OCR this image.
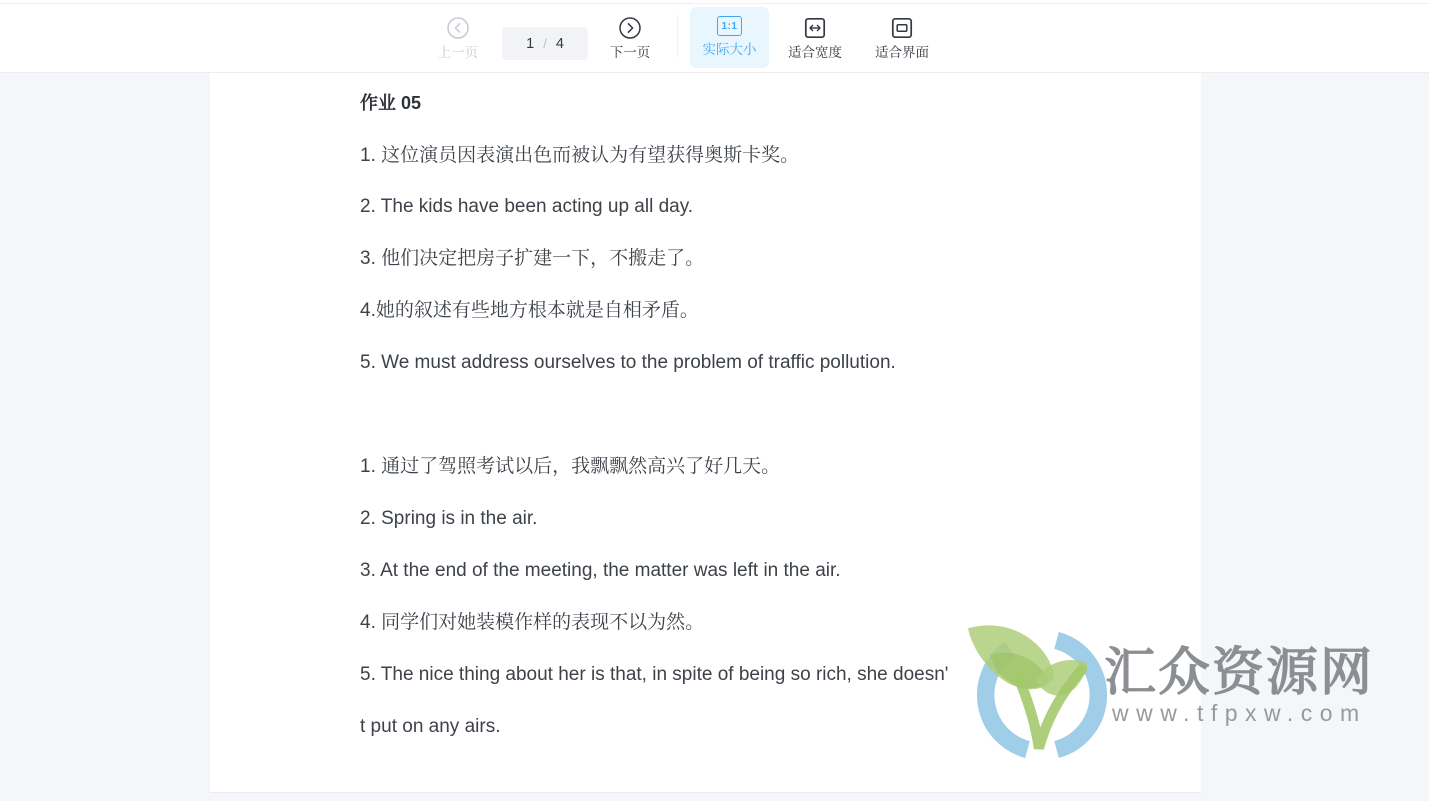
上一页
1 / 4
下一页
1:1
实际大小 适合宽度 适合界面
作业 05

1. 这位演员因表演出色而被认为有望获得奥斯卡奖。

2. The kids have been acting up all day.

3. 他们决定把房子扩建一下，不搬走了。

4.她的叙述有些地方根本就是自相矛盾。

5. We must address ourselves to the problem of traffic pollution.

1. 通过了驾照考试以后，我飘飘然高兴了好几天。

2. Spring is in the air.

3. At the end of the meeting, the matter was left in the air.

4. 同学们对她装模作样的表现不以为然。

5. The nice thing about her is that, in spite of being so rich, she doesn'

t put on any airs.

汇众资源网
www.tfpxw.com
